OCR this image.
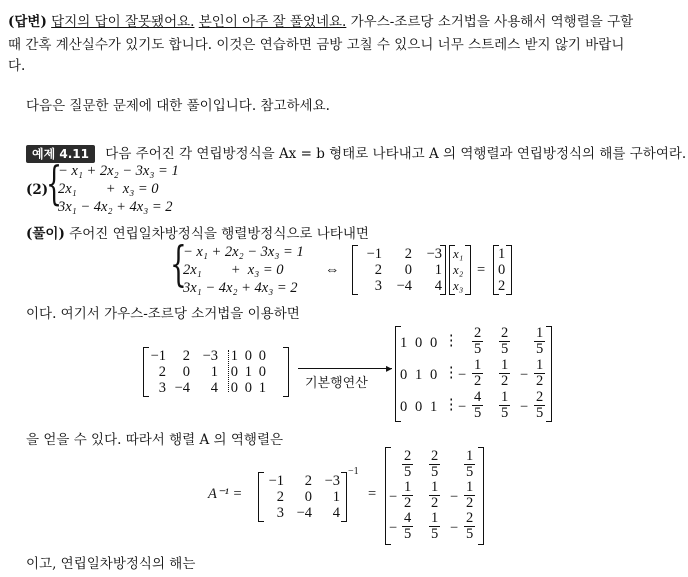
(답변) 답지의 답이 잘못됐어요. 본인이 아주 잘 풀었네요. 가우스-조르당 소거법을 사용해서 역행렬을 구할
때 간혹 계산실수가 있기도 합니다. 이것은 연습하면 금방 고칠 수 있으니 너무 스트레스 받지 않기 바랍니
다.
다음은 질문한 문제에 대한 풀이입니다. 참고하세요.
예제 4.11 다음 주어진 각 연립방정식을 Ax = b 형태로 나타내고 A 의 역행렬과 연립방정식의 해를 구하여라.
(2)
{
− x₁ + 2x₂ − 3x₃ = 1
2x₁        +  x₃ = 0
3x₁ − 4x₂ + 4x₃ = 2
(풀이) 주어진 연립일차방정식을 행렬방정식으로 나타내면
{
− x₁ + 2x₂ − 3x₃ = 1
2x₁        +  x₃ = 0
3x₁ − 4x₂ + 4x₃ = 2
⇔
−1 2 −3
2 0 1
3 −4 4
x₁
x₂
x₃
=
1
0
2
이다. 여기서 가우스-조르당 소거법을 이용하면
−1 2 −3 1 0 0
2 0 1 0 1 0
3 −4 4 0 0 1
▸
기본행연산
1 0 0 ⋮ $\frac{2}{5} \frac{2}{5} \frac{1}{5}$
0 1 0 ⋮ − $\frac{1}{2} \frac{1}{2} - \frac{1}{2}$
0 0 1 ⋮ − $\frac{4}{5} \frac{1}{5} - \frac{2}{5}$
을 얻을 수 있다. 따라서 행렬 A 의 역행렬은
A⁻¹ =
−1 2 −3
2 0 1
3 −4 4
−1
=
$\frac{2}{5} \frac{2}{5} \frac{1}{5}$
− $\frac{1}{2} \frac{1}{2} - \frac{1}{2}$
− $\frac{4}{5} \frac{1}{5} - \frac{2}{5}$
이고, 연립일차방정식의 해는
